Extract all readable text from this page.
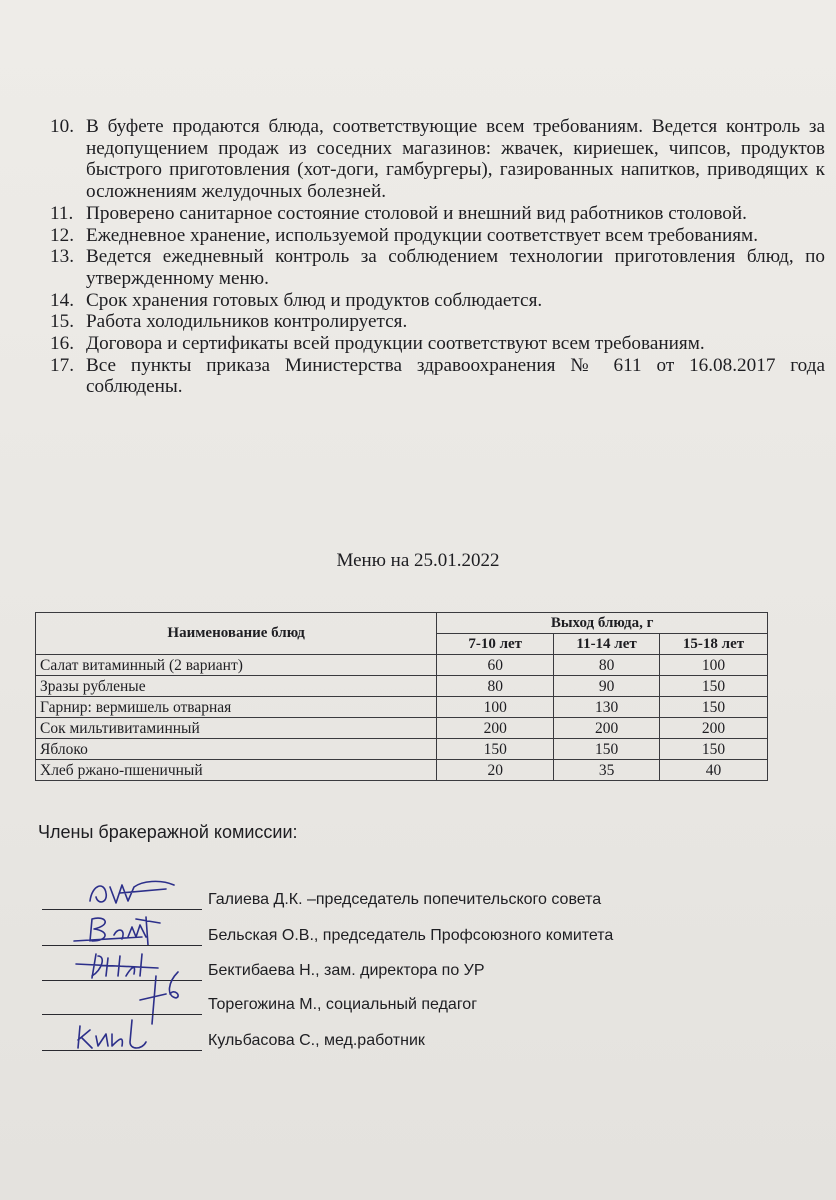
10. В буфете продаются блюда, соответствующие всем требованиям. Ведется контроль за недопущением продаж из соседних магазинов: жвачек, кириешек, чипсов, продуктов быстрого приготовления (хот-доги, гамбургеры), газированных напитков, приводящих к осложнениям желудочных болезней.
11. Проверено санитарное состояние столовой и внешний вид работников столовой.
12. Ежедневное хранение, используемой продукции соответствует всем требованиям.
13. Ведется ежедневный контроль за соблюдением технологии приготовления блюд, по утвержденному меню.
14. Срок хранения готовых блюд и продуктов соблюдается.
15. Работа холодильников контролируется.
16. Договора и сертификаты всей продукции соответствуют всем требованиям.
17. Все пункты приказа Министерства здравоохранения № 611 от 16.08.2017 года соблюдены.
Меню на 25.01.2022
Наименование блюд	Выход блюда, г		
	7-10 лет	11-14 лет	15-18 лет
Салат витаминный (2 вариант)	60	80	100
Зразы рубленые	80	90	150
Гарнир: вермишель отварная	100	130	150
Сок мильтивитаминный	200	200	200
Яблоко	150	150	150
Хлеб ржано-пшеничный	20	35	40
Члены бракеражной комиссии:
Галиева Д.К. –председатель попечительского совета
Бельская О.В., председатель Профсоюзного комитета
Бектибаева Н., зам. директора по УР
Торегожина М., социальный педагог
Кульбасова С., мед.работник
